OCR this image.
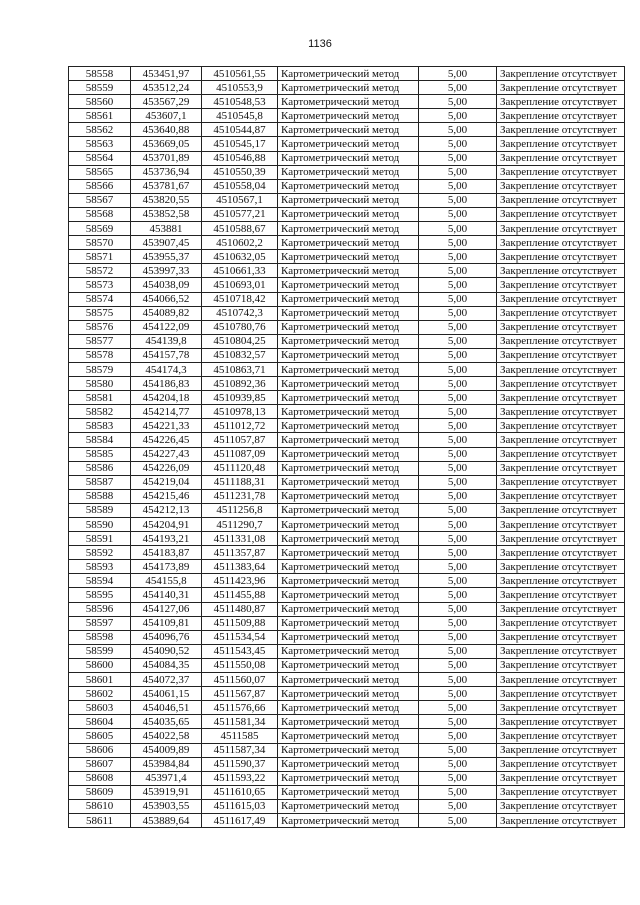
1136
58558	453451,97	4510561,55	Картометрический метод	5,00	Закрепление отсутствует
58559	453512,24	4510553,9	Картометрический метод	5,00	Закрепление отсутствует
58560	453567,29	4510548,53	Картометрический метод	5,00	Закрепление отсутствует
58561	453607,1	4510545,8	Картометрический метод	5,00	Закрепление отсутствует
58562	453640,88	4510544,87	Картометрический метод	5,00	Закрепление отсутствует
58563	453669,05	4510545,17	Картометрический метод	5,00	Закрепление отсутствует
58564	453701,89	4510546,88	Картометрический метод	5,00	Закрепление отсутствует
58565	453736,94	4510550,39	Картометрический метод	5,00	Закрепление отсутствует
58566	453781,67	4510558,04	Картометрический метод	5,00	Закрепление отсутствует
58567	453820,55	4510567,1	Картометрический метод	5,00	Закрепление отсутствует
58568	453852,58	4510577,21	Картометрический метод	5,00	Закрепление отсутствует
58569	453881	4510588,67	Картометрический метод	5,00	Закрепление отсутствует
58570	453907,45	4510602,2	Картометрический метод	5,00	Закрепление отсутствует
58571	453955,37	4510632,05	Картометрический метод	5,00	Закрепление отсутствует
58572	453997,33	4510661,33	Картометрический метод	5,00	Закрепление отсутствует
58573	454038,09	4510693,01	Картометрический метод	5,00	Закрепление отсутствует
58574	454066,52	4510718,42	Картометрический метод	5,00	Закрепление отсутствует
58575	454089,82	4510742,3	Картометрический метод	5,00	Закрепление отсутствует
58576	454122,09	4510780,76	Картометрический метод	5,00	Закрепление отсутствует
58577	454139,8	4510804,25	Картометрический метод	5,00	Закрепление отсутствует
58578	454157,78	4510832,57	Картометрический метод	5,00	Закрепление отсутствует
58579	454174,3	4510863,71	Картометрический метод	5,00	Закрепление отсутствует
58580	454186,83	4510892,36	Картометрический метод	5,00	Закрепление отсутствует
58581	454204,18	4510939,85	Картометрический метод	5,00	Закрепление отсутствует
58582	454214,77	4510978,13	Картометрический метод	5,00	Закрепление отсутствует
58583	454221,33	4511012,72	Картометрический метод	5,00	Закрепление отсутствует
58584	454226,45	4511057,87	Картометрический метод	5,00	Закрепление отсутствует
58585	454227,43	4511087,09	Картометрический метод	5,00	Закрепление отсутствует
58586	454226,09	4511120,48	Картометрический метод	5,00	Закрепление отсутствует
58587	454219,04	4511188,31	Картометрический метод	5,00	Закрепление отсутствует
58588	454215,46	4511231,78	Картометрический метод	5,00	Закрепление отсутствует
58589	454212,13	4511256,8	Картометрический метод	5,00	Закрепление отсутствует
58590	454204,91	4511290,7	Картометрический метод	5,00	Закрепление отсутствует
58591	454193,21	4511331,08	Картометрический метод	5,00	Закрепление отсутствует
58592	454183,87	4511357,87	Картометрический метод	5,00	Закрепление отсутствует
58593	454173,89	4511383,64	Картометрический метод	5,00	Закрепление отсутствует
58594	454155,8	4511423,96	Картометрический метод	5,00	Закрепление отсутствует
58595	454140,31	4511455,88	Картометрический метод	5,00	Закрепление отсутствует
58596	454127,06	4511480,87	Картометрический метод	5,00	Закрепление отсутствует
58597	454109,81	4511509,88	Картометрический метод	5,00	Закрепление отсутствует
58598	454096,76	4511534,54	Картометрический метод	5,00	Закрепление отсутствует
58599	454090,52	4511543,45	Картометрический метод	5,00	Закрепление отсутствует
58600	454084,35	4511550,08	Картометрический метод	5,00	Закрепление отсутствует
58601	454072,37	4511560,07	Картометрический метод	5,00	Закрепление отсутствует
58602	454061,15	4511567,87	Картометрический метод	5,00	Закрепление отсутствует
58603	454046,51	4511576,66	Картометрический метод	5,00	Закрепление отсутствует
58604	454035,65	4511581,34	Картометрический метод	5,00	Закрепление отсутствует
58605	454022,58	4511585	Картометрический метод	5,00	Закрепление отсутствует
58606	454009,89	4511587,34	Картометрический метод	5,00	Закрепление отсутствует
58607	453984,84	4511590,37	Картометрический метод	5,00	Закрепление отсутствует
58608	453971,4	4511593,22	Картометрический метод	5,00	Закрепление отсутствует
58609	453919,91	4511610,65	Картометрический метод	5,00	Закрепление отсутствует
58610	453903,55	4511615,03	Картометрический метод	5,00	Закрепление отсутствует
58611	453889,64	4511617,49	Картометрический метод	5,00	Закрепление отсутствует
